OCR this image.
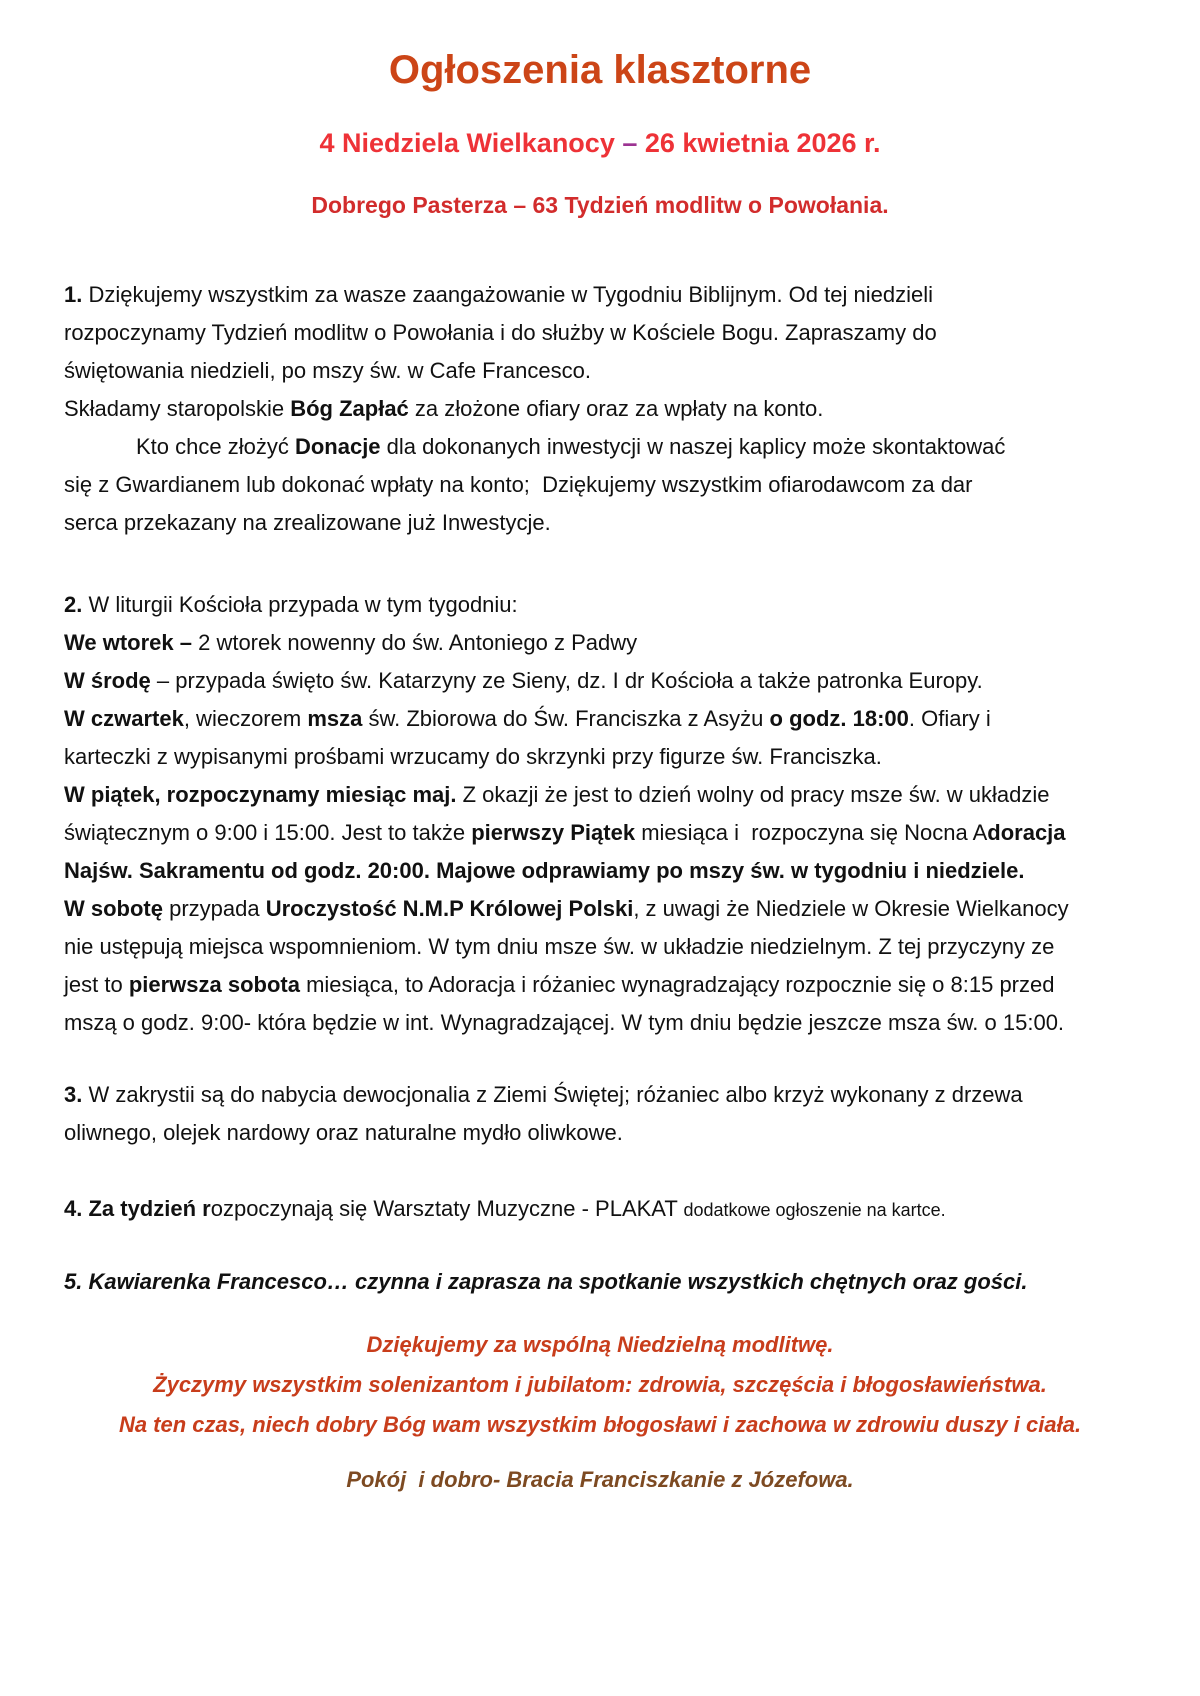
Ogłoszenia klasztorne
4 Niedziela Wielkanocy – 26 kwietnia 2026 r.
Dobrego Pasterza – 63 Tydzień modlitw o Powołania.
1. Dziękujemy wszystkim za wasze zaangażowanie w Tygodniu Biblijnym. Od tej niedzieli
rozpoczynamy Tydzień modlitw o Powołania i do służby w Kościele Bogu. Zapraszamy do
świętowania niedzieli, po mszy św. w Cafe Francesco.
Składamy staropolskie Bóg Zapłać za złożone ofiary oraz za wpłaty na konto.
Kto chce złożyć Donacje dla dokonanych inwestycji w naszej kaplicy może skontaktować
się z Gwardianem lub dokonać wpłaty na konto;  Dziękujemy wszystkim ofiarodawcom za dar
serca przekazany na zrealizowane już Inwestycje.
2. W liturgii Kościoła przypada w tym tygodniu:
We wtorek – 2 wtorek nowenny do św. Antoniego z Padwy
W środę – przypada święto św. Katarzyny ze Sieny, dz. I dr Kościoła a także patronka Europy.
W czwartek, wieczorem msza św. Zbiorowa do Św. Franciszka z Asyżu o godz. 18:00. Ofiary i
karteczki z wypisanymi prośbami wrzucamy do skrzynki przy figurze św. Franciszka.
W piątek, rozpoczynamy miesiąc maj. Z okazji że jest to dzień wolny od pracy msze św. w układzie
świątecznym o 9:00 i 15:00. Jest to także pierwszy Piątek miesiąca i  rozpoczyna się Nocna Adoracja
Najśw. Sakramentu od godz. 20:00. Majowe odprawiamy po mszy św. w tygodniu i niedziele.
W sobotę przypada Uroczystość N.M.P Królowej Polski, z uwagi że Niedziele w Okresie Wielkanocy
nie ustępują miejsca wspomnieniom. W tym dniu msze św. w układzie niedzielnym. Z tej przyczyny ze
jest to pierwsza sobota miesiąca, to Adoracja i różaniec wynagradzający rozpocznie się o 8:15 przed
mszą o godz. 9:00- która będzie w int. Wynagradzającej. W tym dniu będzie jeszcze msza św. o 15:00.
3. W zakrystii są do nabycia dewocjonalia z Ziemi Świętej; różaniec albo krzyż wykonany z drzewa
oliwnego, olejek nardowy oraz naturalne mydło oliwkowe.
4. Za tydzień rozpoczynają się Warsztaty Muzyczne - PLAKAT dodatkowe ogłoszenie na kartce.
5. Kawiarenka Francesco… czynna i zaprasza na spotkanie wszystkich chętnych oraz gości.
Dziękujemy za wspólną Niedzielną modlitwę.
Życzymy wszystkim solenizantom i jubilatom: zdrowia, szczęścia i błogosławieństwa.
Na ten czas, niech dobry Bóg wam wszystkim błogosławi i zachowa w zdrowiu duszy i ciała.
Pokój  i dobro- Bracia Franciszkanie z Józefowa.
